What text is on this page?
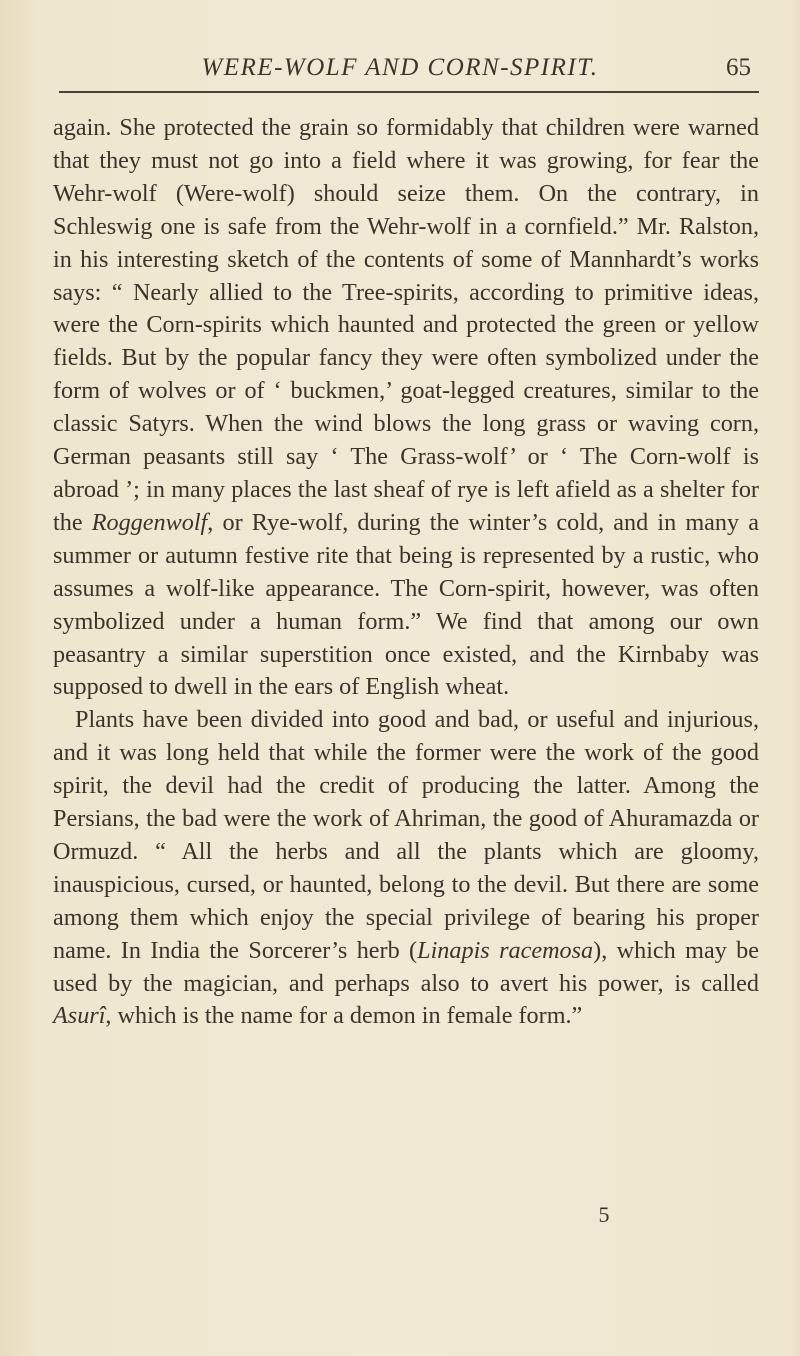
WERE-WOLF AND CORN-SPIRIT.	65

again. She protected the grain so formidably that children were warned that they must not go into a field where it was growing, for fear the Wehr-wolf (Were-wolf) should seize them. On the contrary, in Schleswig one is safe from the Wehr-wolf in a cornfield.” Mr. Ralston, in his interesting sketch of the contents of some of Mannhardt’s works says: “ Nearly allied to the Tree-spirits, according to primitive ideas, were the Corn-spirits which haunted and protected the green or yellow fields. But by the popular fancy they were often symbolized under the form of wolves or of ‘ buckmen,’ goat-legged creatures, similar to the classic Satyrs. When the wind blows the long grass or waving corn, German peasants still say ‘ The Grass-wolf’ or ‘ The Corn-wolf is abroad ’; in many places the last sheaf of rye is left afield as a shelter for the Roggenwolf, or Rye-wolf, during the winter’s cold, and in many a summer or autumn festive rite that being is represented by a rustic, who assumes a wolf-like appearance. The Corn-spirit, however, was often symbolized under a human form.” We find that among our own peasantry a similar superstition once existed, and the Kirnbaby was supposed to dwell in the ears of English wheat.

Plants have been divided into good and bad, or useful and injurious, and it was long held that while the former were the work of the good spirit, the devil had the credit of producing the latter. Among the Persians, the bad were the work of Ahriman, the good of Ahuramazda or Ormuzd. “ All the herbs and all the plants which are gloomy, inauspicious, cursed, or haunted, belong to the devil. But there are some among them which enjoy the special privilege of bearing his proper name. In India the Sorcerer’s herb (Linapis racemosa), which may be used by the magician, and perhaps also to avert his power, is called Asurî, which is the name for a demon in female form.”

5
